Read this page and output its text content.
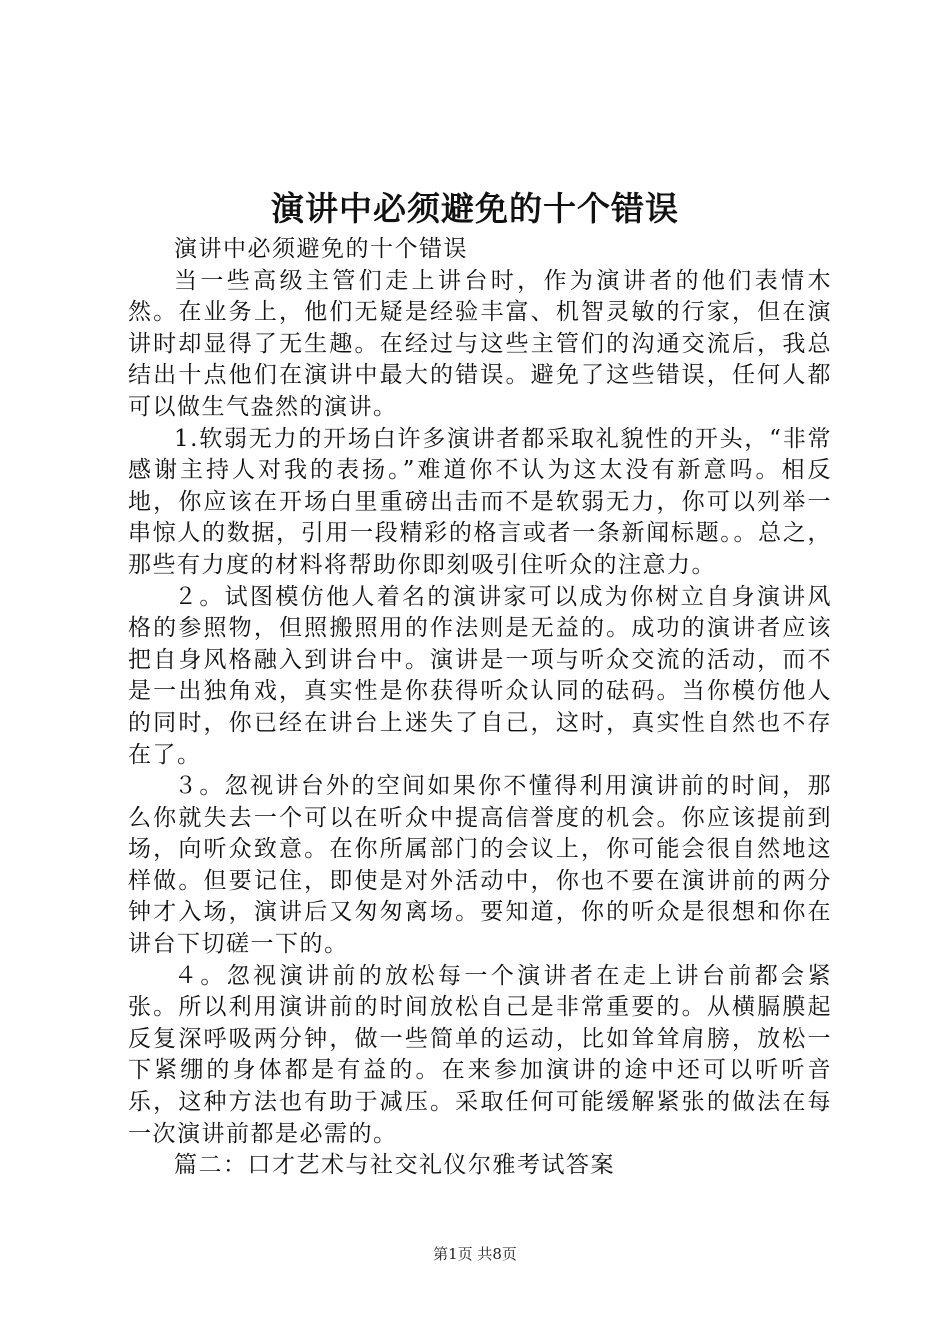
演讲中必须避免的十个错误

演讲中必须避免的十个错误

当一些高级主管们走上讲台时，作为演讲者的他们表情木然。在业务上，他们无疑是经验丰富、机智灵敏的行家，但在演讲时却显得了无生趣。在经过与这些主管们的沟通交流后，我总结出十点他们在演讲中最大的错误。避免了这些错误，任何人都可以做生气盎然的演讲。

1.软弱无力的开场白许多演讲者都采取礼貌性的开头，“非常感谢主持人对我的表扬。”难道你不认为这太没有新意吗。相反地，你应该在开场白里重磅出击而不是软弱无力，你可以列举一串惊人的数据，引用一段精彩的格言或者一条新闻标题。。总之，那些有力度的材料将帮助你即刻吸引住听众的注意力。

２。试图模仿他人着名的演讲家可以成为你树立自身演讲风格的参照物，但照搬照用的作法则是无益的。成功的演讲者应该把自身风格融入到讲台中。演讲是一项与听众交流的活动，而不是一出独角戏，真实性是你获得听众认同的砝码。当你模仿他人的同时，你已经在讲台上迷失了自己，这时，真实性自然也不存在了。

３。忽视讲台外的空间如果你不懂得利用演讲前的时间，那么你就失去一个可以在听众中提高信誉度的机会。你应该提前到场，向听众致意。在你所属部门的会议上，你可能会很自然地这样做。但要记住，即使是对外活动中，你也不要在演讲前的两分钟才入场，演讲后又匆匆离场。要知道，你的听众是很想和你在讲台下切磋一下的。

４。忽视演讲前的放松每一个演讲者在走上讲台前都会紧张。所以利用演讲前的时间放松自己是非常重要的。从横膈膜起反复深呼吸两分钟，做一些简单的运动，比如耸耸肩膀，放松一下紧绷的身体都是有益的。在来参加演讲的途中还可以听听音乐，这种方法也有助于减压。采取任何可能缓解紧张的做法在每一次演讲前都是必需的。

篇二：口才艺术与社交礼仪尔雅考试答案

第1页 共8页
